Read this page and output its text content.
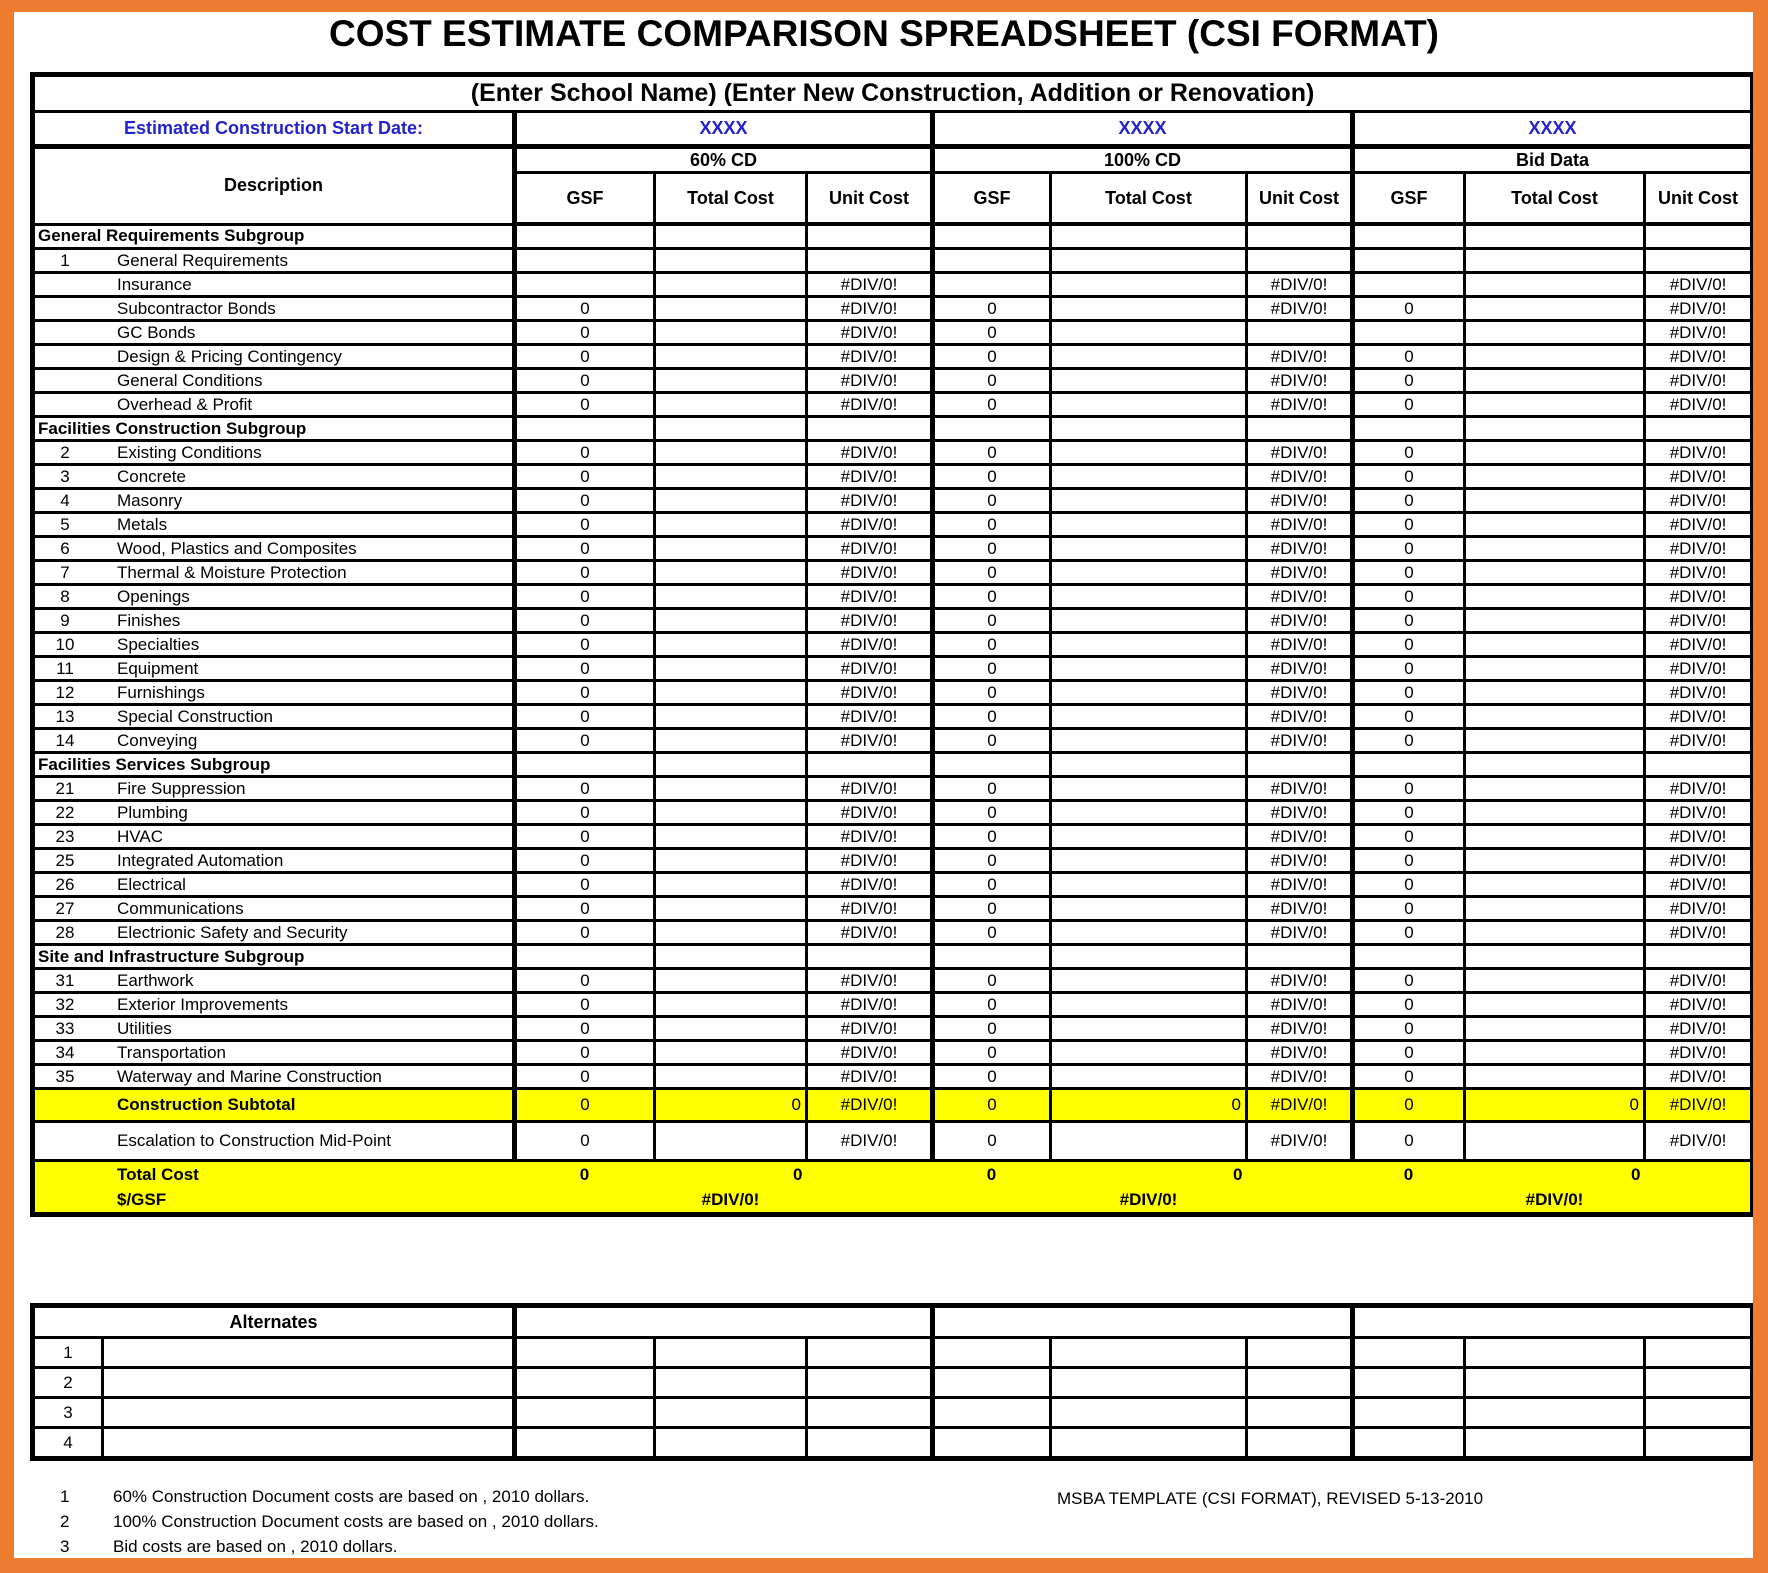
COST ESTIMATE COMPARISON SPREADSHEET (CSI FORMAT)
(Enter School Name) (Enter New Construction, Addition or Renovation)									
Estimated Construction Start Date:	XXXX			XXXX			XXXX		
Description	60% CD			100% CD			Bid Data		
	GSF	Total Cost	Unit Cost	GSF	Total Cost	Unit Cost	GSF	Total Cost	Unit Cost
General Requirements Subgroup									

1 General Requirements									

Insurance			#DIV/0!			#DIV/0!			#DIV/0!

Subcontractor Bonds	0		#DIV/0!	0		#DIV/0!	0		#DIV/0!

GC Bonds	0		#DIV/0!	0					#DIV/0!

Design & Pricing Contingency	0		#DIV/0!	0		#DIV/0!	0		#DIV/0!

General Conditions	0		#DIV/0!	0		#DIV/0!	0		#DIV/0!

Overhead & Profit	0		#DIV/0!	0		#DIV/0!	0		#DIV/0!
Facilities Construction Subgroup									

2 Existing Conditions	0		#DIV/0!	0		#DIV/0!	0		#DIV/0!

3 Concrete	0		#DIV/0!	0		#DIV/0!	0		#DIV/0!

4 Masonry	0		#DIV/0!	0		#DIV/0!	0		#DIV/0!

5 Metals	0		#DIV/0!	0		#DIV/0!	0		#DIV/0!

6 Wood, Plastics and Composites	0		#DIV/0!	0		#DIV/0!	0		#DIV/0!

7 Thermal & Moisture Protection	0		#DIV/0!	0		#DIV/0!	0		#DIV/0!

8 Openings	0		#DIV/0!	0		#DIV/0!	0		#DIV/0!

9 Finishes	0		#DIV/0!	0		#DIV/0!	0		#DIV/0!

10 Specialties	0		#DIV/0!	0		#DIV/0!	0		#DIV/0!

11 Equipment	0		#DIV/0!	0		#DIV/0!	0		#DIV/0!

12 Furnishings	0		#DIV/0!	0		#DIV/0!	0		#DIV/0!

13 Special Construction	0		#DIV/0!	0		#DIV/0!	0		#DIV/0!

14 Conveying	0		#DIV/0!	0		#DIV/0!	0		#DIV/0!
Facilities Services Subgroup									

21 Fire Suppression	0		#DIV/0!	0		#DIV/0!	0		#DIV/0!

22 Plumbing	0		#DIV/0!	0		#DIV/0!	0		#DIV/0!

23 HVAC	0		#DIV/0!	0		#DIV/0!	0		#DIV/0!

25 Integrated Automation	0		#DIV/0!	0		#DIV/0!	0		#DIV/0!

26 Electrical	0		#DIV/0!	0		#DIV/0!	0		#DIV/0!

27 Communications	0		#DIV/0!	0		#DIV/0!	0		#DIV/0!

28 Electrionic Safety and Security	0		#DIV/0!	0		#DIV/0!	0		#DIV/0!
Site and Infrastructure Subgroup									

31 Earthwork	0		#DIV/0!	0		#DIV/0!	0		#DIV/0!

32 Exterior Improvements	0		#DIV/0!	0		#DIV/0!	0		#DIV/0!

33 Utilities	0		#DIV/0!	0		#DIV/0!	0		#DIV/0!

34 Transportation	0		#DIV/0!	0		#DIV/0!	0		#DIV/0!

35 Waterway and Marine Construction	0		#DIV/0!	0		#DIV/0!	0		#DIV/0!

Construction Subtotal	0	0	#DIV/0!	0	0	#DIV/0!	0	0	#DIV/0!

Escalation to Construction Mid-Point	0		#DIV/0!	0		#DIV/0!	0		#DIV/0!

Total Cost	0	0		0	0		0	0	

$/GSF		#DIV/0!			#DIV/0!			#DIV/0!	
Alternates										
1										
2										
3										
4										
1	60% Construction Document costs are based on , 2010 dollars.
2	100% Construction Document costs are based on , 2010 dollars.
3	Bid costs are based on , 2010 dollars.
MSBA TEMPLATE (CSI FORMAT), REVISED 5-13-2010
